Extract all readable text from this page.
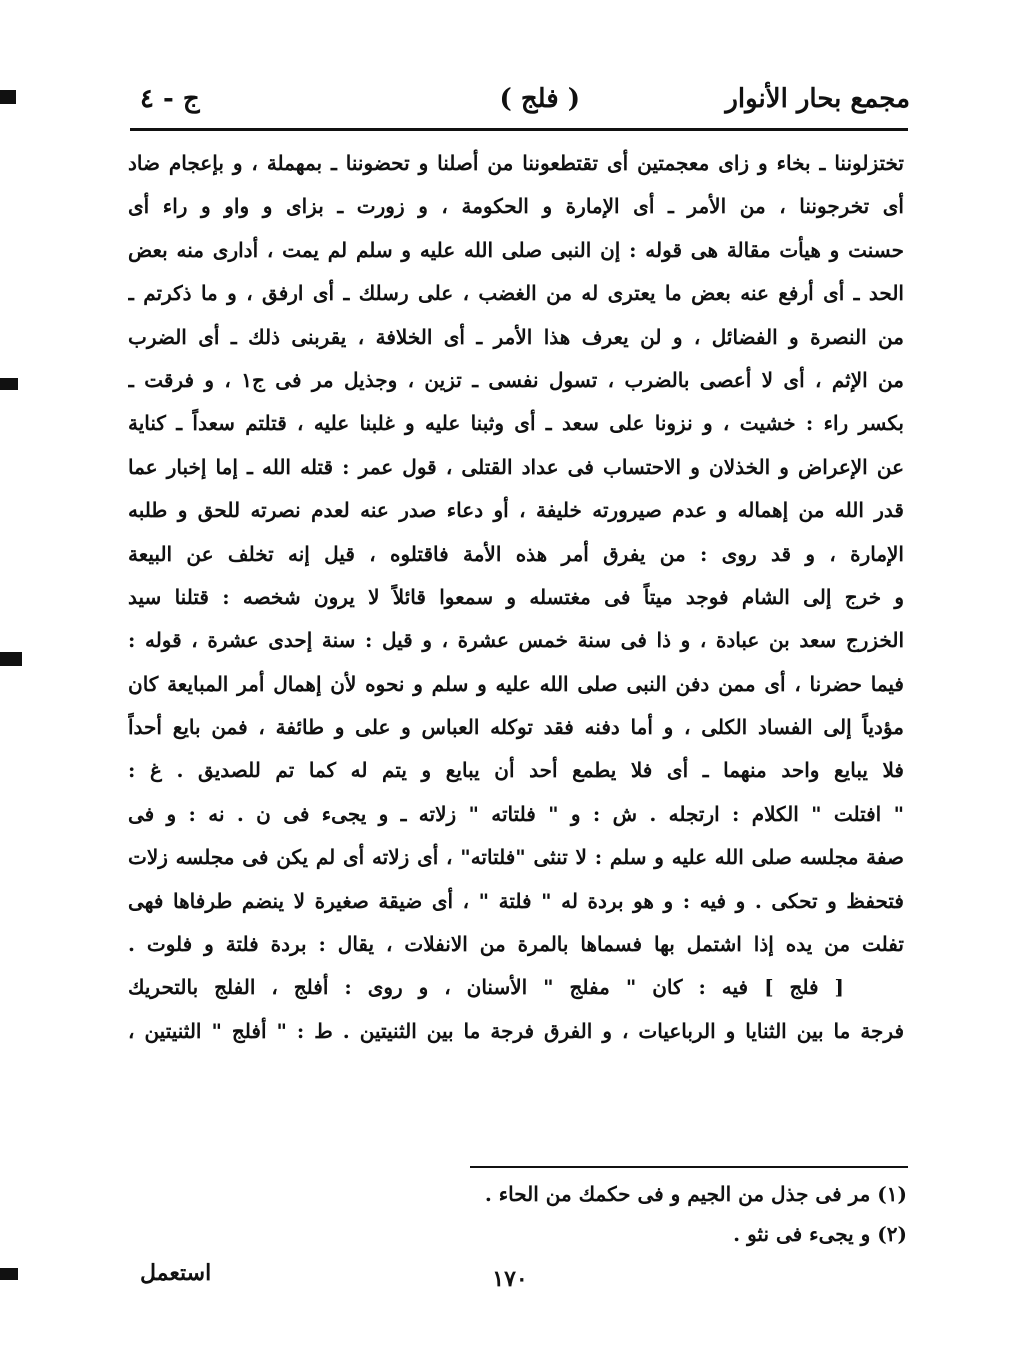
مجمع بحار الأنوار
( فلج )
ج - ٤
تختزلوننا ـ بخاء و زاى معجمتين أى تقتطعوننا من أصلنا و تحضوننا ـ بمهملة ، و بإعجام ضاد
أى تخرجوننا ، من الأمر ـ أى الإمارة و الحكومة ، و زورت ـ بزاى و واو و راء أى
حسنت و هيأت مقالة هى قوله : إن النبى صلى الله عليه و سلم لم يمت ، أدارى منه بعض
الحد ـ أى أرفع عنه بعض ما يعترى له من الغضب ، على رسلك ـ أى ارفق ، و ما ذكرتم ـ
من النصرة و الفضائل ، و لن يعرف هذا الأمر ـ أى الخلافة ، يقربنى ذلك ـ أى الضرب
من الإثم ، أى لا أعصى بالضرب ، تسول نفسى ـ تزين ، وجذيل مر فى ج١ ، و فرقت ـ
بكسر راء : خشيت ، و نزونا على سعد ـ أى وثبنا عليه و غلبنا عليه ، قتلتم سعداً ـ كناية
عن الإعراض و الخذلان و الاحتساب فى عداد القتلى ، قول عمر : قتله الله ـ إما إخبار عما
قدر الله من إهماله و عدم صيرورته خليفة ، أو دعاء صدر عنه لعدم نصرته للحق و طلبه
الإمارة ، و قد روى : من يفرق أمر هذه الأمة فاقتلوه ، قيل إنه تخلف عن البيعة
و خرج إلى الشام فوجد ميتاً فى مغتسله و سمعوا قائلاً لا يرون شخصه : قتلنا سيد
الخزرج سعد بن عبادة ، و ذا فى سنة خمس عشرة ، و قيل : سنة إحدى عشرة ، قوله :
فيما حضرنا ، أى ممن دفن النبى صلى الله عليه و سلم و نحوه لأن إهمال أمر المبايعة كان
مؤدياً إلى الفساد الكلى ، و أما دفنه فقد توكله العباس و على و طائفة ، فمن بايع أحداً
فلا يبايع واحد منهما ـ أى فلا يطمع أحد أن يبايع و يتم له كما تم للصديق . غ :
" افتلت " الكلام : ارتجله . ش : و " فلتاته " زلاته ـ و يجىء فى ن . نه : و فى
صفة مجلسه صلى الله عليه و سلم : لا تنثى "فلتاته" ، أى زلاته أى لم يكن فى مجلسه زلات
فتحفظ و تحكى . و فيه : و هو بردة له " فلتة " ، أى ضيقة صغيرة لا ينضم طرفاها فهى
تفلت من يده إذا اشتمل بها فسماها بالمرة من الانفلات ، يقال : بردة فلتة و فلوت .
[ فلج ] فيه : كان " مفلج " الأسنان ، و روى : أفلج ، الفلج بالتحريك
فرجة ما بين الثنايا و الرباعيات ، و الفرق فرجة ما بين الثنيتين . ط : " أفلج " الثنيتين ،
(١) مر فى جذل من الجيم و فى حكمك من الحاء .
(٢) و يجىء فى نثو .
١٧٠
استعمل
